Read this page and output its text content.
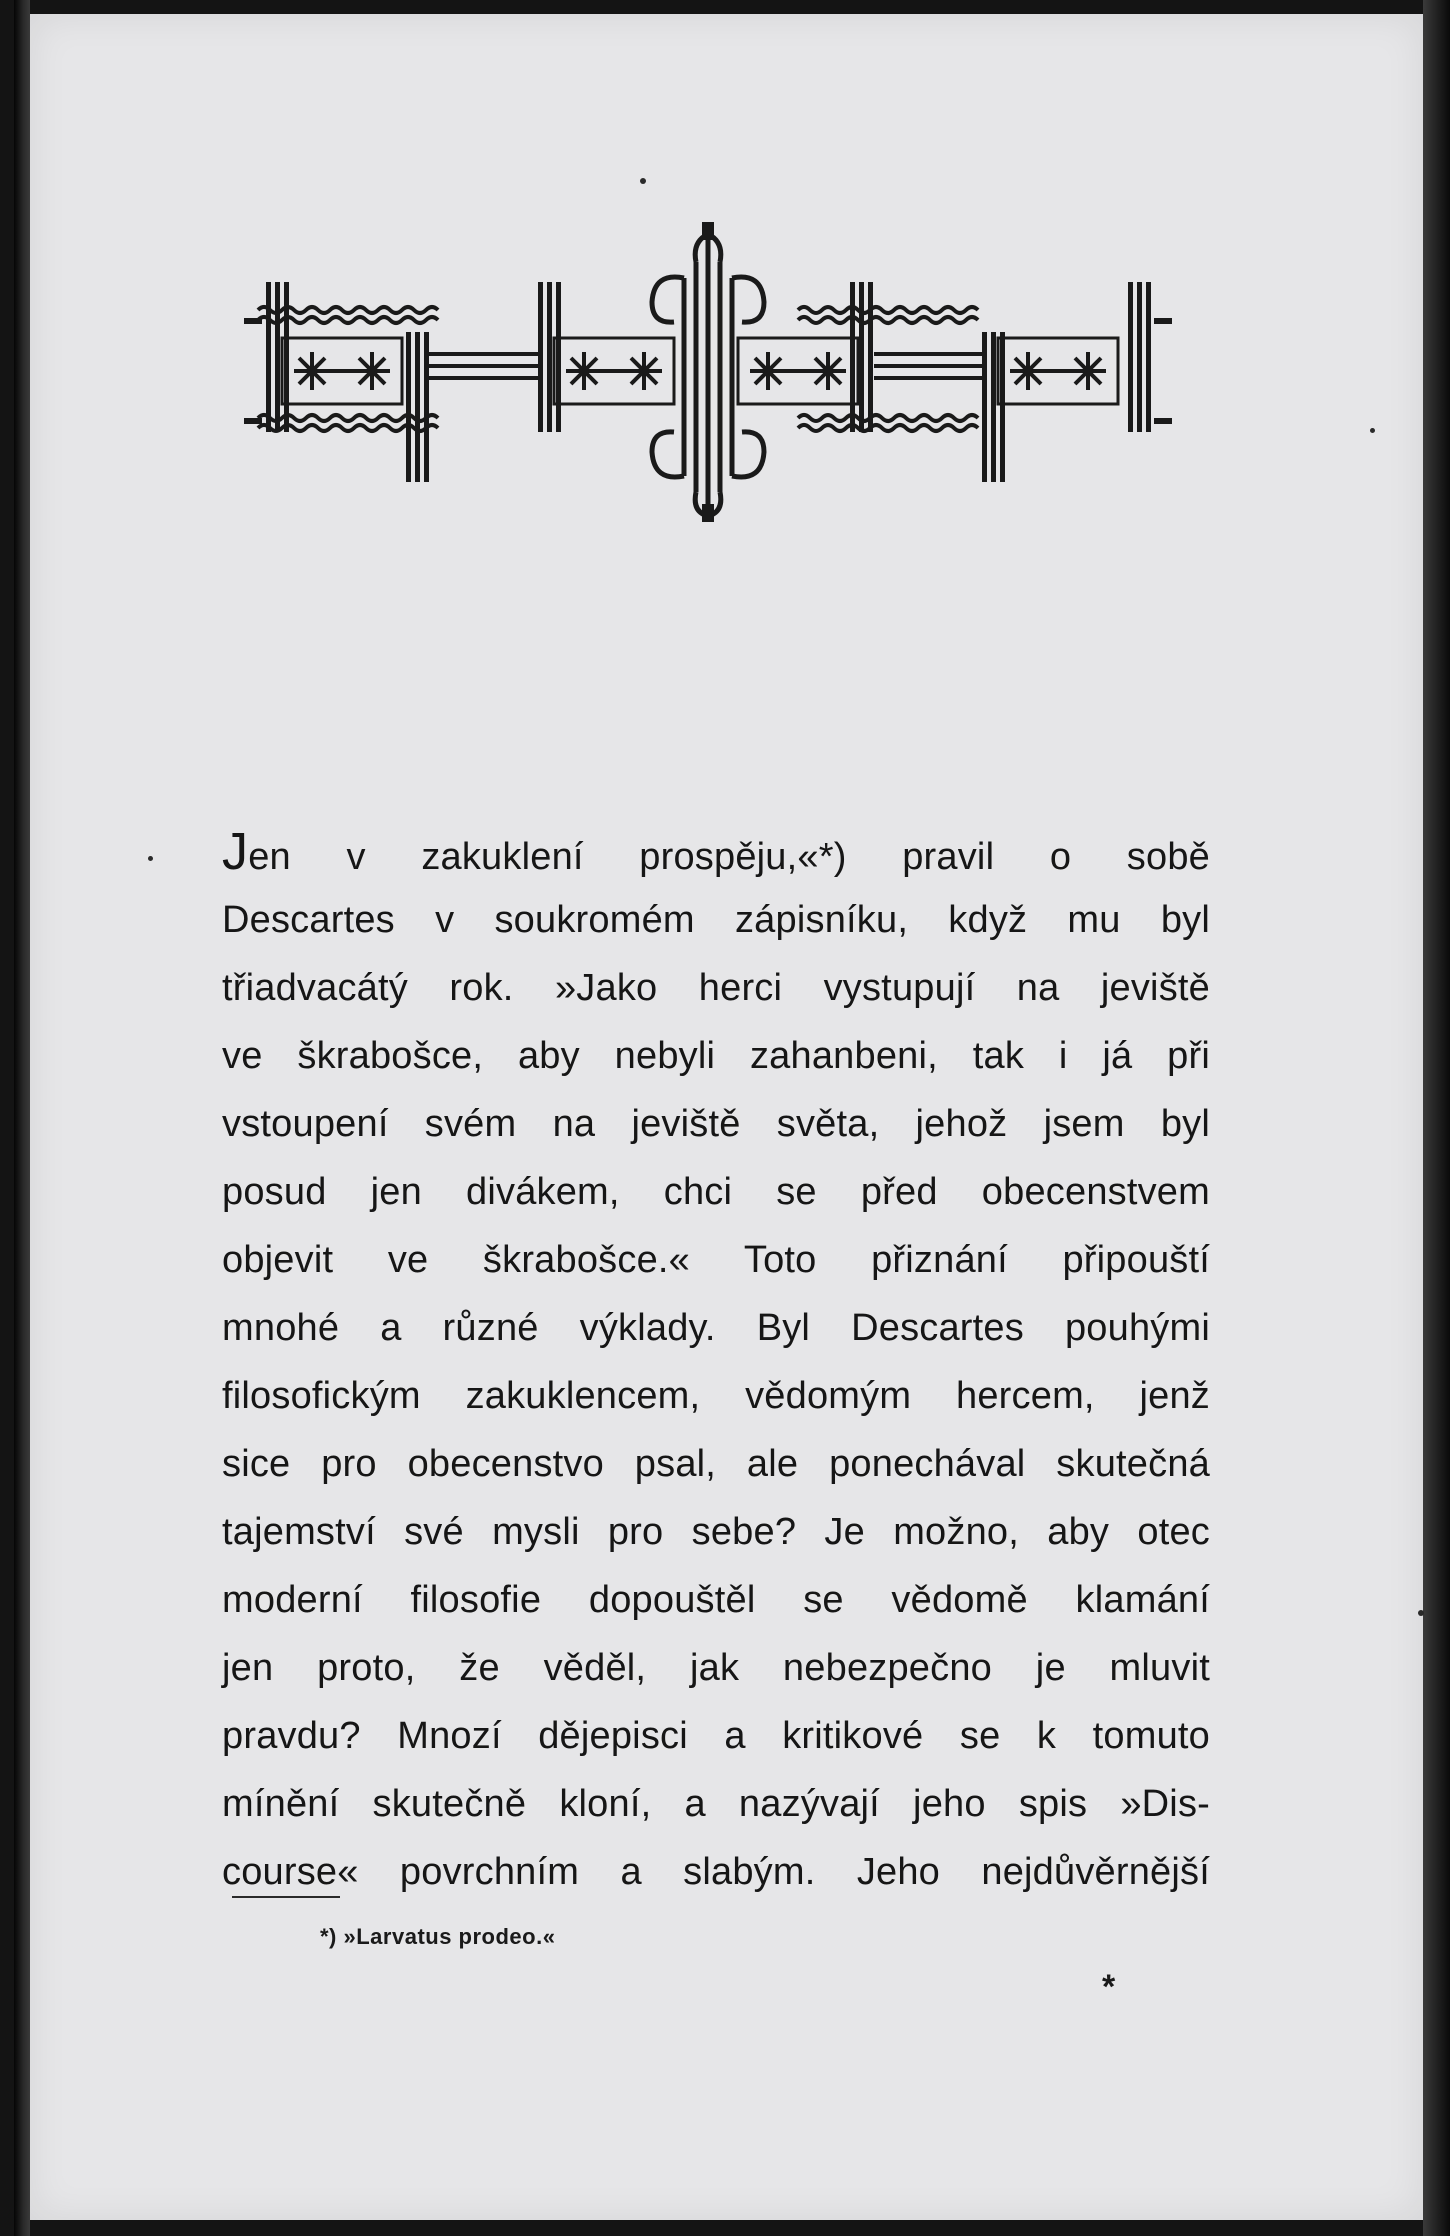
Jen v zakuklení prospěju,«*) pravil o sobě
Descartes v soukromém zápisníku, když mu byl
třiadvacátý rok. »Jako herci vystupují na jeviště
ve škrabošce, aby nebyli zahanbeni, tak i já při
vstoupení svém na jeviště světa, jehož jsem byl
posud jen divákem, chci se před obecenstvem
objevit ve škrabošce.« Toto přiznání připouští
mnohé a různé výklady. Byl Descartes pouhými
filosofickým zakuklencem, vědomým hercem, jenž
sice pro obecenstvo psal, ale ponechával skutečná
tajemství své mysli pro sebe? Je možno, aby otec
moderní filosofie dopouštěl se vědomě klamání
jen proto, že věděl, jak nebezpečno je mluvit
pravdu? Mnozí dějepisci a kritikové se k tomuto
mínění skutečně kloní, a nazývají jeho spis »Dis-
course« povrchním a slabým. Jeho nejdůvěrnější
*) »Larvatus prodeo.«
*
